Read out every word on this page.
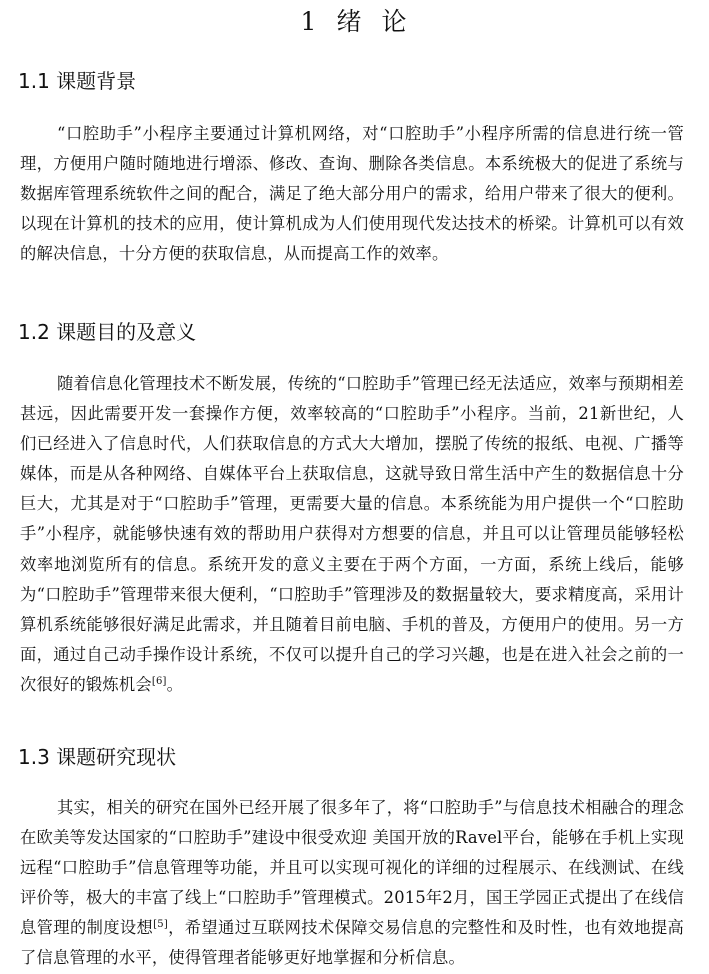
1 绪 论
1.1 课题背景

“口腔助手”小程序主要通过计算机网络，对“口腔助手”小程序所需的信息进行统一管理，方便用户随时随地进行增添、修改、查询、删除各类信息。本系统极大的促进了系统与数据库管理系统软件之间的配合，满足了绝大部分用户的需求，给用户带来了很大的便利。以现在计算机的技术的应用，使计算机成为人们使用现代发达技术的桥梁。计算机可以有效的解决信息，十分方便的获取信息，从而提高工作的效率。

1.2 课题目的及意义

随着信息化管理技术不断发展，传统的“口腔助手”管理已经无法适应，效率与预期相差甚远，因此需要开发一套操作方便，效率较高的“口腔助手”小程序。当前，21新世纪，人们已经进入了信息时代，人们获取信息的方式大大增加，摆脱了传统的报纸、电视、广播等媒体，而是从各种网络、自媒体平台上获取信息，这就导致日常生活中产生的数据信息十分巨大，尤其是对于“口腔助手”管理，更需要大量的信息。本系统能为用户提供一个“口腔助手”小程序，就能够快速有效的帮助用户获得对方想要的信息，并且可以让管理员能够轻松效率地浏览所有的信息。系统开发的意义主要在于两个方面，一方面，系统上线后，能够为“口腔助手”管理带来很大便利，“口腔助手”管理涉及的数据量较大，要求精度高，采用计算机系统能够很好满足此需求，并且随着目前电脑、手机的普及，方便用户的使用。另一方面，通过自己动手操作设计系统，不仅可以提升自己的学习兴趣，也是在进入社会之前的一次很好的锻炼机会[6]。

1.3 课题研究现状

其实，相关的研究在国外已经开展了很多年了，将“口腔助手”与信息技术相融合的理念在欧美等发达国家的“口腔助手”建设中很受欢迎 美国开放的Ravel平台，能够在手机上实现远程“口腔助手”信息管理等功能，并且可以实现可视化的详细的过程展示、在线测试、在线评价等，极大的丰富了线上“口腔助手”管理模式。2015年2月，国王学园正式提出了在线信息管理的制度设想[5]，希望通过互联网技术保障交易信息的完整性和及时性，也有效地提高了信息管理的水平，使得管理者能够更好地掌握和分析信息。
